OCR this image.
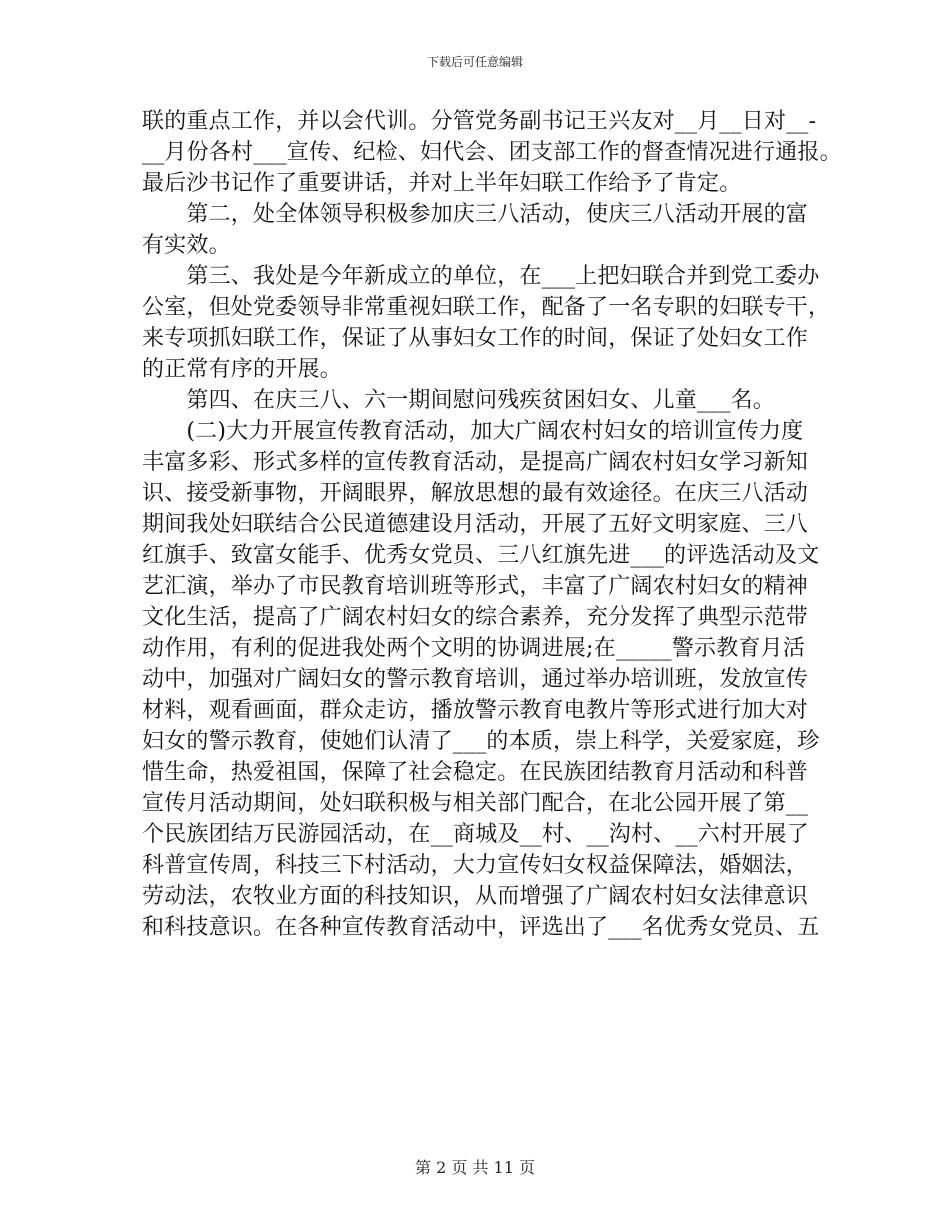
下载后可任意编辑
联的重点工作，并以会代训。分管党务副书记王兴友对__月__日对__-
__月份各村___宣传、纪检、妇代会、团支部工作的督查情况进行通报。
最后沙书记作了重要讲话，并对上半年妇联工作给予了肯定。
　　第二，处全体领导积极参加庆三八活动，使庆三八活动开展的富
有实效。
　　第三、我处是今年新成立的单位，在___上把妇联合并到党工委办
公室，但处党委领导非常重视妇联工作，配备了一名专职的妇联专干，
来专项抓妇联工作，保证了从事妇女工作的时间，保证了处妇女工作
的正常有序的开展。
　　第四、在庆三八、六一期间慰问残疾贫困妇女、儿童___名。
　　(二)大力开展宣传教育活动，加大广阔农村妇女的培训宣传力度
丰富多彩、形式多样的宣传教育活动，是提高广阔农村妇女学习新知
识、接受新事物，开阔眼界，解放思想的最有效途径。在庆三八活动
期间我处妇联结合公民道德建设月活动，开展了五好文明家庭、三八
红旗手、致富女能手、优秀女党员、三八红旗先进___的评选活动及文
艺汇演，举办了市民教育培训班等形式，丰富了广阔农村妇女的精神
文化生活，提高了广阔农村妇女的综合素养，充分发挥了典型示范带
动作用，有利的促进我处两个文明的协调进展;在_____警示教育月活
动中，加强对广阔妇女的警示教育培训，通过举办培训班，发放宣传
材料，观看画面，群众走访，播放警示教育电教片等形式进行加大对
妇女的警示教育，使她们认清了___的本质，崇上科学，关爱家庭，珍
惜生命，热爱祖国，保障了社会稳定。在民族团结教育月活动和科普
宣传月活动期间，处妇联积极与相关部门配合，在北公园开展了第__
个民族团结万民游园活动，在__商城及__村、__沟村、__六村开展了
科普宣传周，科技三下村活动，大力宣传妇女权益保障法，婚姻法，
劳动法，农牧业方面的科技知识，从而增强了广阔农村妇女法律意识
和科技意识。在各种宣传教育活动中，评选出了___名优秀女党员、五
第 2 页 共 11 页
